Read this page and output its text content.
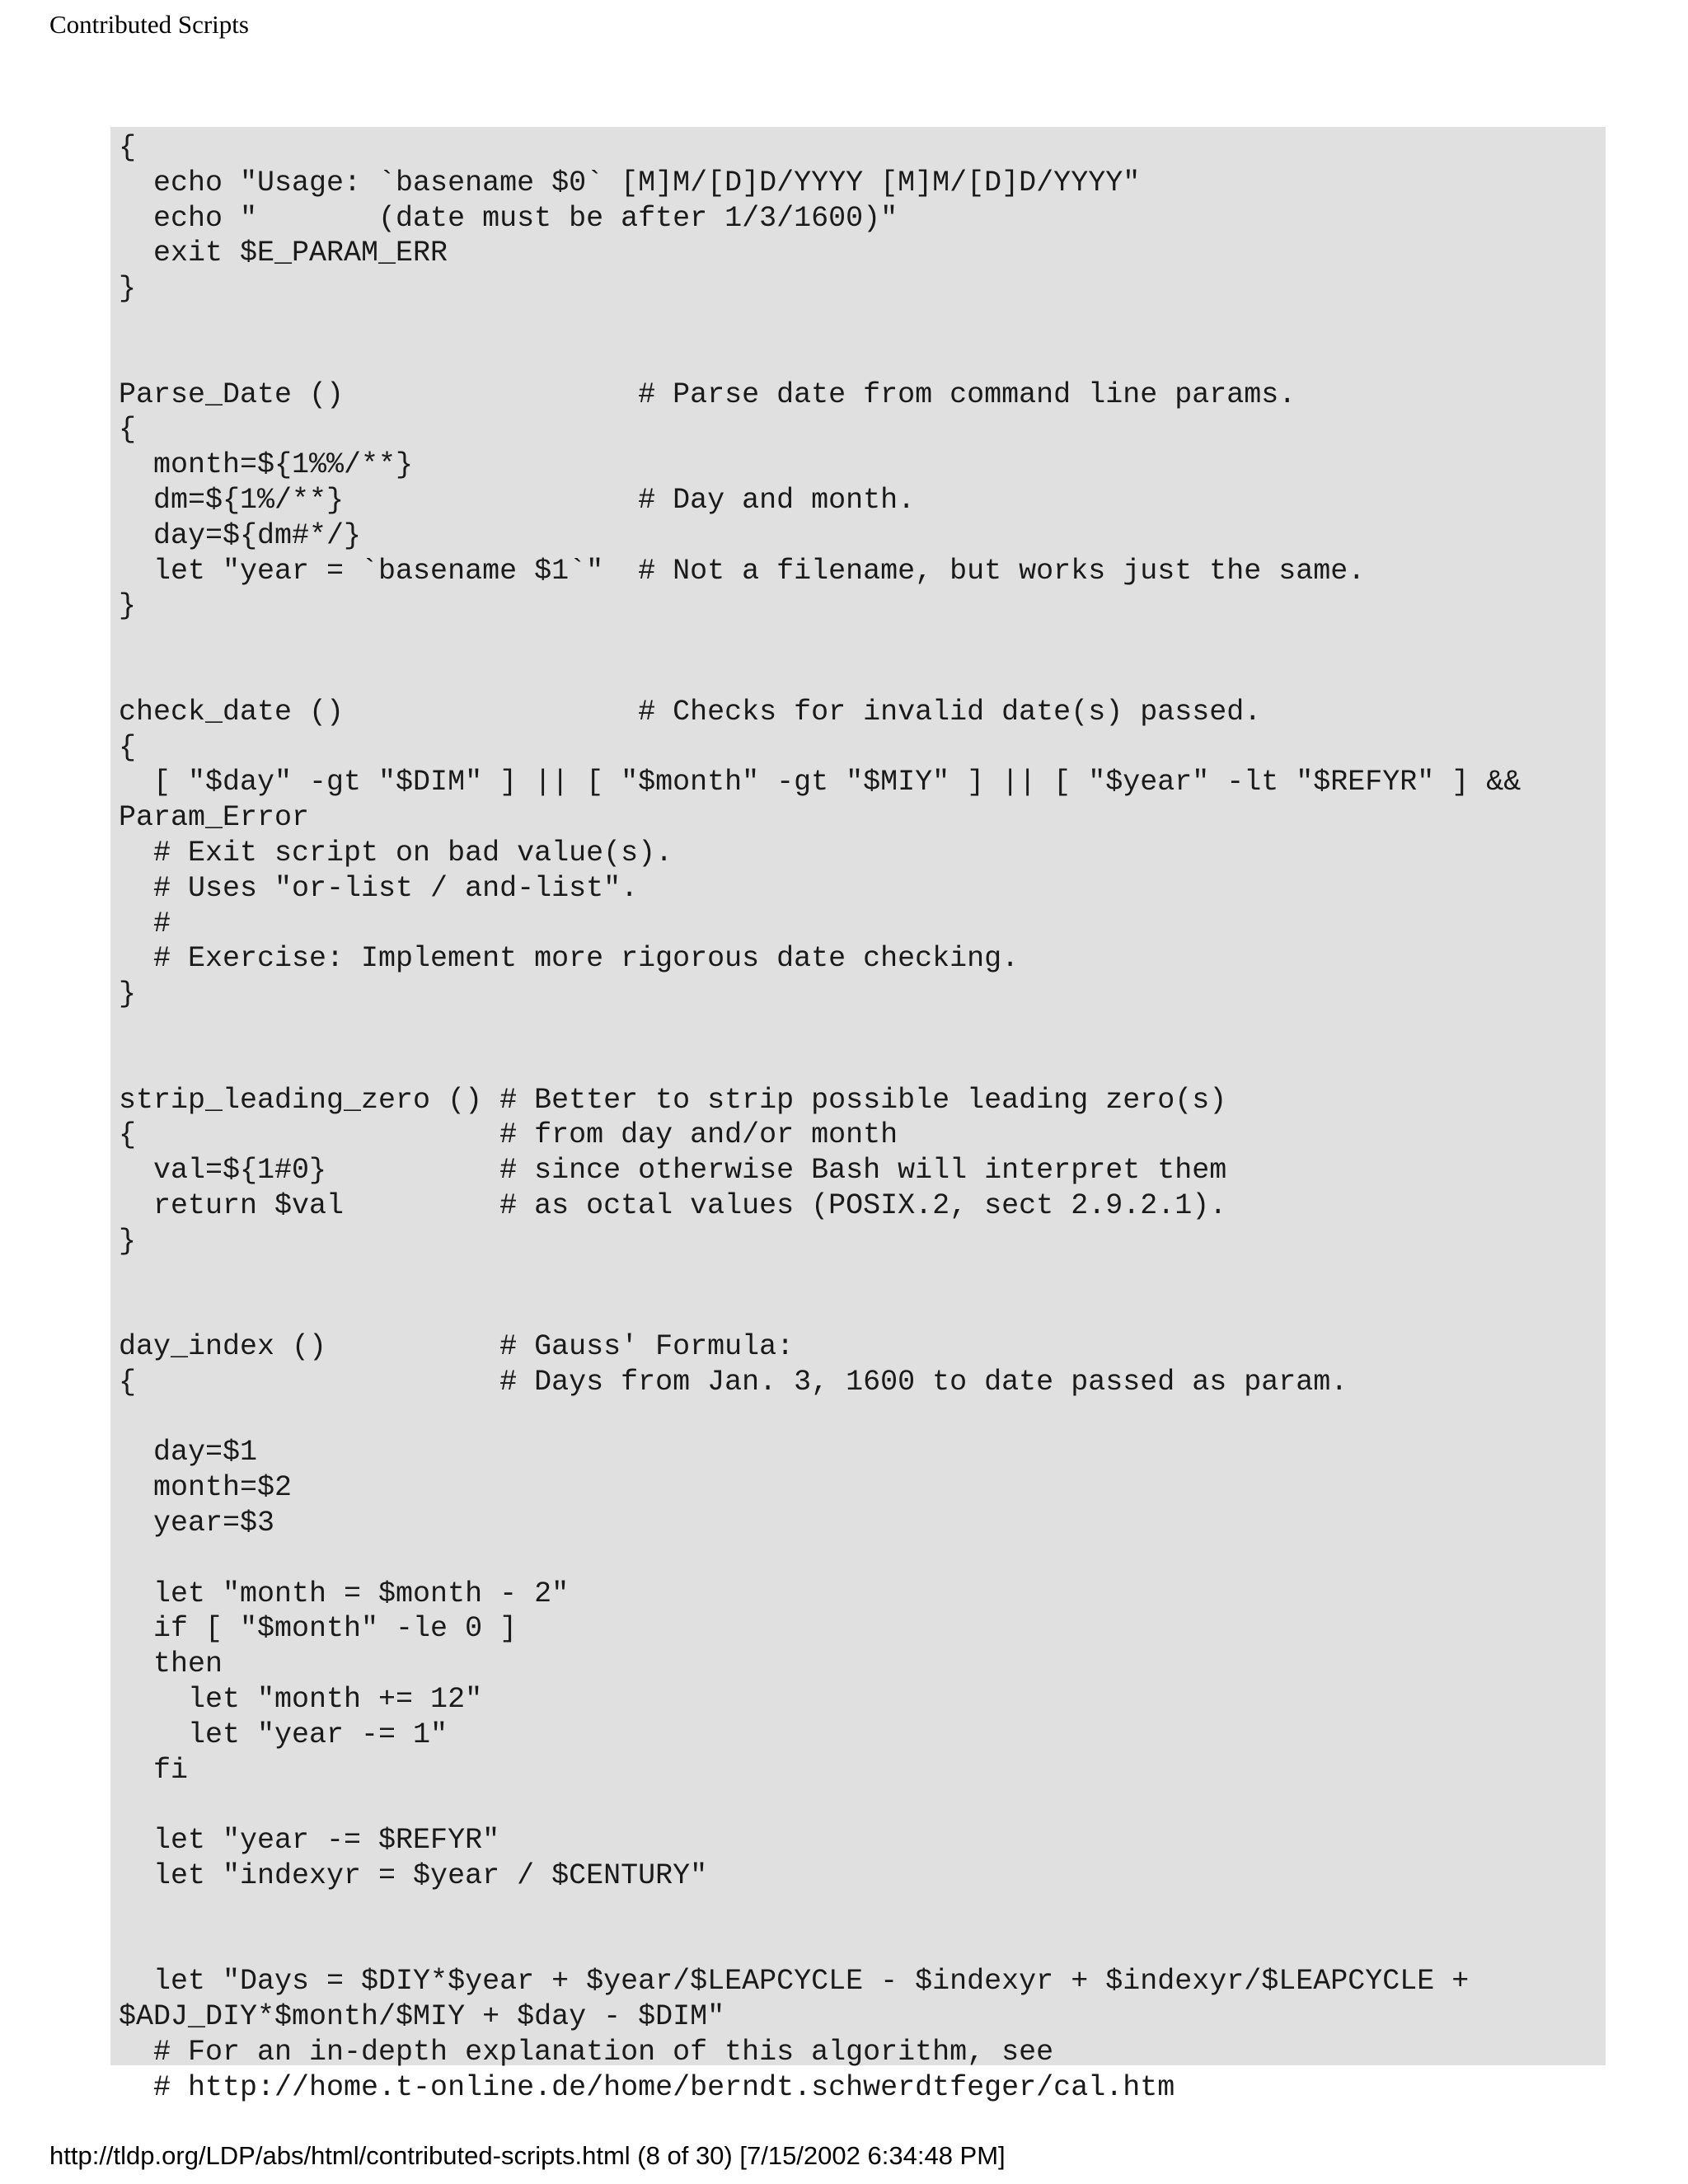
Contributed Scripts
{
echo "Usage: `basename $0` [M]M/[D]D/YYYY [M]M/[D]D/YYYY"
echo "       (date must be after 1/3/1600)"
exit $E_PARAM_ERR
}

Parse_Date ()                 # Parse date from command line params.
{
month=${1%%/**}
dm=${1%/**}                 # Day and month.
day=${dm#*/}
let "year = `basename $1`"  # Not a filename, but works just the same.
}

check_date ()                 # Checks for invalid date(s) passed.
{
[ "$day" -gt "$DIM" ] || [ "$month" -gt "$MIY" ] || [ "$year" -lt "$REFYR" ] &&
Param_Error
# Exit script on bad value(s).
# Uses "or-list / and-list".
#
# Exercise: Implement more rigorous date checking.
}

strip_leading_zero () # Better to strip possible leading zero(s)
{                     # from day and/or month
val=${1#0}          # since otherwise Bash will interpret them
return $val         # as octal values (POSIX.2, sect 2.9.2.1).
}

day_index ()          # Gauss' Formula:
{                     # Days from Jan. 3, 1600 to date passed as param.

day=$1
month=$2
year=$3

let "month = $month - 2"
if [ "$month" -le 0 ]
then
let "month += 12"
let "year -= 1"
fi

let "year -= $REFYR"
let "indexyr = $year / $CENTURY"

let "Days = $DIY*$year + $year/$LEAPCYCLE - $indexyr + $indexyr/$LEAPCYCLE +
$ADJ_DIY*$month/$MIY + $day - $DIM"
# For an in-depth explanation of this algorithm, see
# http://home.t-online.de/home/berndt.schwerdtfeger/cal.htm
http://tldp.org/LDP/abs/html/contributed-scripts.html (8 of 30) [7/15/2002 6:34:48 PM]
